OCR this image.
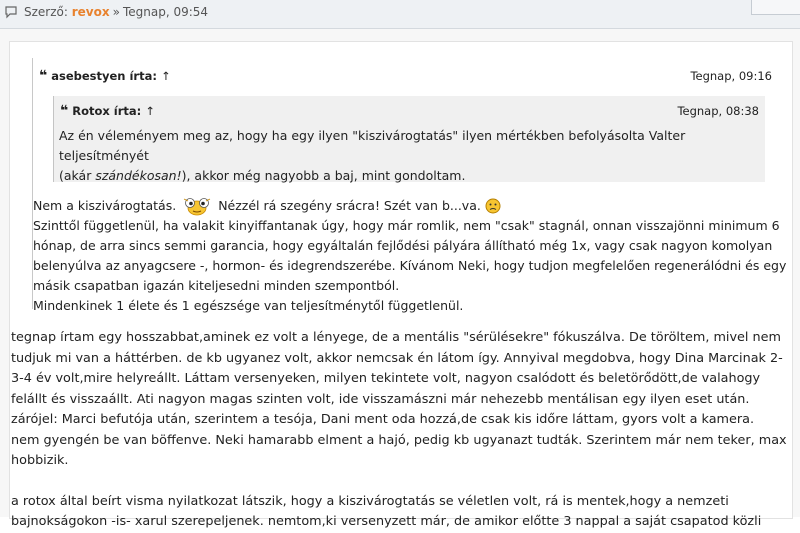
Szerző:
revox » Tegnap, 09:54
❝ asebestyen írta: ↑	Tegnap, 09:16
❝ Rotox írta: ↑	Tegnap, 08:38
Az én véleményem meg az, hogy ha egy ilyen "kiszivárogtatás" ilyen mértékben befolyásolta Valter teljesítményét
(akár szándékosan!), akkor még nagyobb a baj, mint gondoltam.
Nem a kiszivárogtatás.	Nézzél rá szegény srácra! Szét van b...va.
Szinttől függetlenül, ha valakit kinyiffantanak úgy, hogy már romlik, nem "csak" stagnál, onnan visszajönni minimum 6
hónap, de arra sincs semmi garancia, hogy egyáltalán fejlődési pályára állítható még 1x, vagy csak nagyon komolyan
belenyúlva az anyagcsere -, hormon- és idegrendszerébe. Kívánom Neki, hogy tudjon megfelelően regenerálódni és egy
másik csapatban igazán kiteljesedni minden szempontból.
Mindenkinek 1 élete és 1 egészsége van teljesítménytől függetlenül.
tegnap írtam egy hosszabbat,aminek ez volt a lényege, de a mentális "sérülésekre" fókuszálva. De töröltem, mivel nem
tudjuk mi van a háttérben. de kb ugyanez volt, akkor nemcsak én látom így. Annyival megdobva, hogy Dina Marcinak 2-
3-4 év volt,mire helyreállt. Láttam versenyeken, milyen tekintete volt, nagyon csalódott és beletörődött,de valahogy
felállt és visszaállt. Ati nagyon magas szinten volt, ide visszamászni már nehezebb mentálisan egy ilyen eset után.
zárójel: Marci befutója után, szerintem a tesója, Dani ment oda hozzá,de csak kis időre láttam, gyors volt a kamera.
nem gyengén be van böffenve. Neki hamarabb elment a hajó, pedig kb ugyanazt tudták. Szerintem már nem teker, max
hobbizik.
a rotox által beírt visma nyilatkozat látszik, hogy a kiszivárogtatás se véletlen volt, rá is mentek,hogy a nemzeti
bajnokságokon -is- xarul szerepeljenek. nemtom,ki versenyzett már, de amikor előtte 3 nappal a saját csapatod közli
